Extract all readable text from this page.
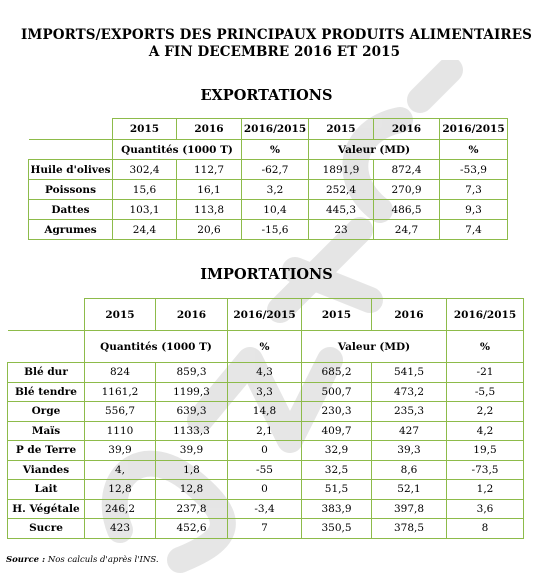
IMPORTS/EXPORTS DES PRINCIPAUX PRODUITS ALIMENTAIRES
A FIN DECEMBRE 2016 ET 2015
EXPORTATIONS
	2015	2016	2016/2015	2015	2016	2016/2015
	Quantités (1000 T)		%	Valeur (MD)		%
Huile d'olives	302,4	112,7	-62,7	1891,9	872,4	-53,9
Poissons	15,6	16,1	3,2	252,4	270,9	7,3
Dattes	103,1	113,8	10,4	445,3	486,5	9,3
Agrumes	24,4	20,6	-15,6	23	24,7	7,4
IMPORTATIONS
	2015	2016	2016/2015	2015	2016	2016/2015
	Quantités (1000 T)		%	Valeur (MD)		%
Blé dur	824	859,3	4,3	685,2	541,5	-21
Blé tendre	1161,2	1199,3	3,3	500,7	473,2	-5,5
Orge	556,7	639,3	14,8	230,3	235,3	2,2
Maïs	1110	1133,3	2,1	409,7	427	4,2
P de Terre	39,9	39,9	0	32,9	39,3	19,5
Viandes	4,	1,8	-55	32,5	8,6	-73,5
Lait	12,8	12,8	0	51,5	52,1	1,2
H. Végétale	246,2	237,8	-3,4	383,9	397,8	3,6
Sucre	423	452,6	7	350,5	378,5	8
Source : Nos calculs d'après l'INS.
